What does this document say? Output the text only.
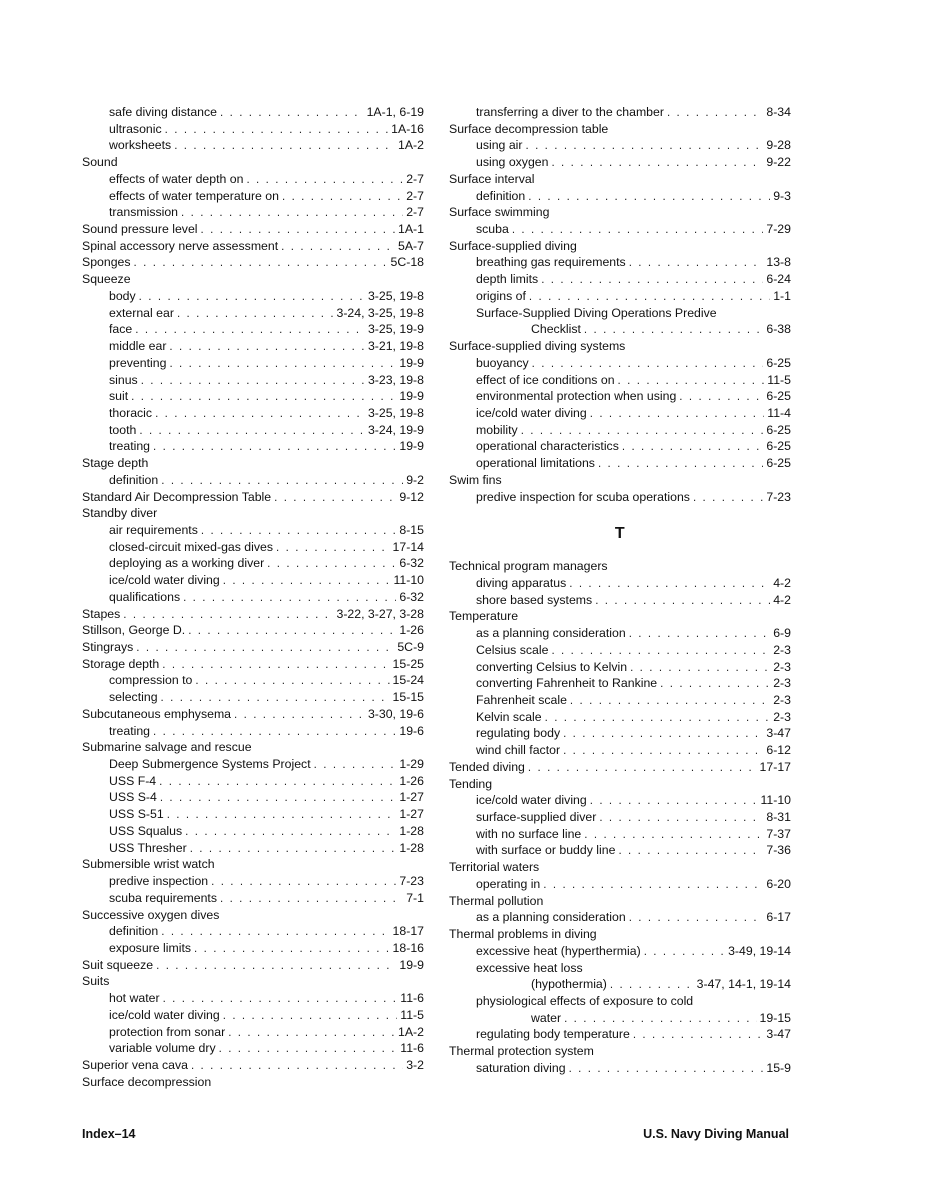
safe diving distance . . .	1A-1, 6-19
ultrasonic . . .	1A-16
worksheets . . .	1A-2
Sound
effects of water depth on . . .	2-7
effects of water temperature on . . .	2-7
transmission . . .	2-7
Sound pressure level . . .	1A-1
Spinal accessory nerve assessment . . .	5A-7
Sponges . . .	5C-18
Squeeze
body . . .	3-25, 19-8
external ear . . .	3-24, 3-25, 19-8
face . . .	3-25, 19-9
middle ear . . .	3-21, 19-8
preventing . . .	19-9
sinus . . .	3-23, 19-8
suit . . .	19-9
thoracic . . .	3-25, 19-8
tooth . . .	3-24, 19-9
treating . . .	19-9
Stage depth
definition . . .	9-2
Standard Air Decompression Table . . .	9-12
Standby diver
air requirements . . .	8-15
closed-circuit mixed-gas dives . . .	17-14
deploying as a working diver . . .	6-32
ice/cold water diving . . .	11-10
qualifications . . .	6-32
Stapes . . .	3-22, 3-27, 3-28
Stillson, George D. . . .	1-26
Stingrays . . .	5C-9
Storage depth . . .	15-25
compression to . . .	15-24
selecting . . .	15-15
Subcutaneous emphysema . . .	3-30, 19-6
treating . . .	19-6
Submarine salvage and rescue
Deep Submergence Systems Project . . .	1-29
USS F-4 . . .	1-26
USS S-4 . . .	1-27
USS S-51 . . .	1-27
USS Squalus . . .	1-28
USS Thresher . . .	1-28
Submersible wrist watch
predive inspection . . .	7-23
scuba requirements . . .	7-1
Successive oxygen dives
definition . . .	18-17
exposure limits . . .	18-16
Suit squeeze . . .	19-9
Suits
hot water . . .	11-6
ice/cold water diving . . .	11-5
protection from sonar . . .	1A-2
variable volume dry . . .	11-6
Superior vena cava . . .	3-2
Surface decompression
transferring a diver to the chamber . . .	8-34
Surface decompression table
using air . . .	9-28
using oxygen . . .	9-22
Surface interval
definition . . .	9-3
Surface swimming
scuba . . .	7-29
Surface-supplied diving
breathing gas requirements . . .	13-8
depth limits . . .	6-24
origins of . . .	1-1
Surface-Supplied Diving Operations Predive
Checklist . . .	6-38
Surface-supplied diving systems
buoyancy . . .	6-25
effect of ice conditions on . . .	11-5
environmental protection when using . . .	6-25
ice/cold water diving . . .	11-4
mobility . . .	6-25
operational characteristics . . .	6-25
operational limitations . . .	6-25
Swim fins
predive inspection for scuba operations . . .	7-23
T
Technical program managers
diving apparatus . . .	4-2
shore based systems . . .	4-2
Temperature
as a planning consideration . . .	6-9
Celsius scale . . .	2-3
converting Celsius to Kelvin . . .	2-3
converting Fahrenheit to Rankine . . .	2-3
Fahrenheit scale . . .	2-3
Kelvin scale . . .	2-3
regulating body . . .	3-47
wind chill factor . . .	6-12
Tended diving . . .	17-17
Tending
ice/cold water diving . . .	11-10
surface-supplied diver . . .	8-31
with no surface line . . .	7-37
with surface or buddy line . . .	7-36
Territorial waters
operating in . . .	6-20
Thermal pollution
as a planning consideration . . .	6-17
Thermal problems in diving
excessive heat (hyperthermia) . . .	3-49, 19-14
excessive heat loss
(hypothermia) . . .	3-47, 14-1, 19-14
physiological effects of exposure to cold
water . . .	19-15
regulating body temperature . . .	3-47
Thermal protection system
saturation diving . . .	15-9
Index–14	U.S. Navy Diving Manual
